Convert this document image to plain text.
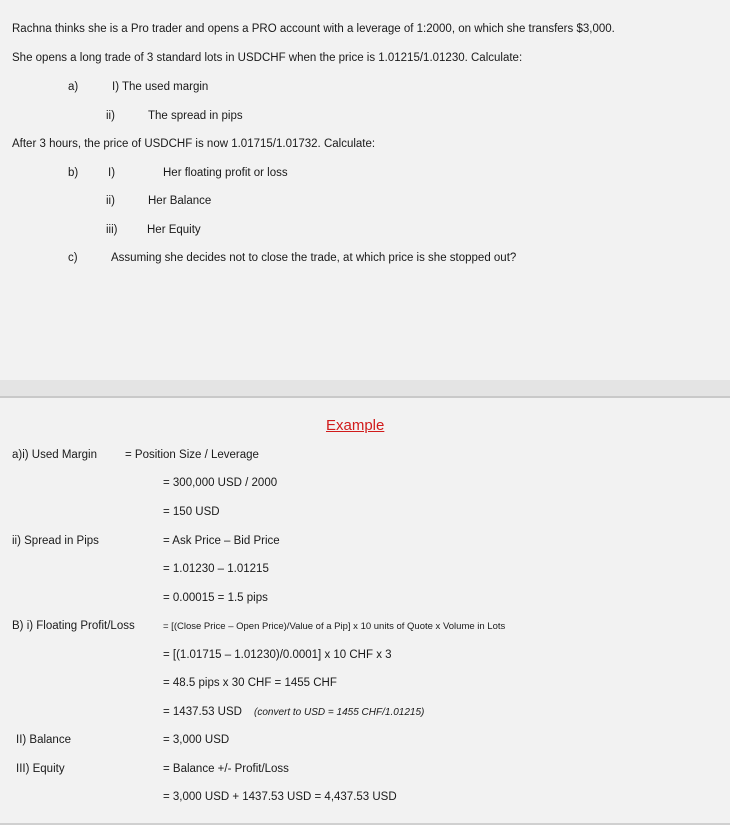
Rachna thinks she is a Pro trader and opens a PRO account with a leverage of 1:2000, on which she transfers $3,000.
She opens a long trade of 3 standard lots in USDCHF when the price is 1.01215/1.01230. Calculate:
a)	I) The used margin
ii)	The spread in pips
After 3 hours, the price of USDCHF is now 1.01715/1.01732. Calculate:
b)	I)	Her floating profit or loss
ii)	Her Balance
iii)	Her Equity
c)	Assuming she decides not to close the trade, at which price is she stopped out?
Example
a)i) Used Margin = Position Size / Leverage
= 300,000 USD / 2000
= 150 USD
ii) Spread in Pips	= Ask Price – Bid Price
= 1.01230 – 1.01215
= 0.00015 = 1.5 pips
B) i) Floating Profit/Loss	= [(Close Price – Open Price)/Value of a Pip] x 10 units of Quote x Volume in Lots
= [(1.01715 – 1.01230)/0.0001] x 10 CHF x 3
= 48.5 pips x 30 CHF = 1455 CHF
= 1437.53 USD (convert to USD = 1455 CHF/1.01215)
II) Balance	= 3,000 USD
III) Equity	= Balance +/- Profit/Loss
= 3,000 USD + 1437.53 USD = 4,437.53 USD
